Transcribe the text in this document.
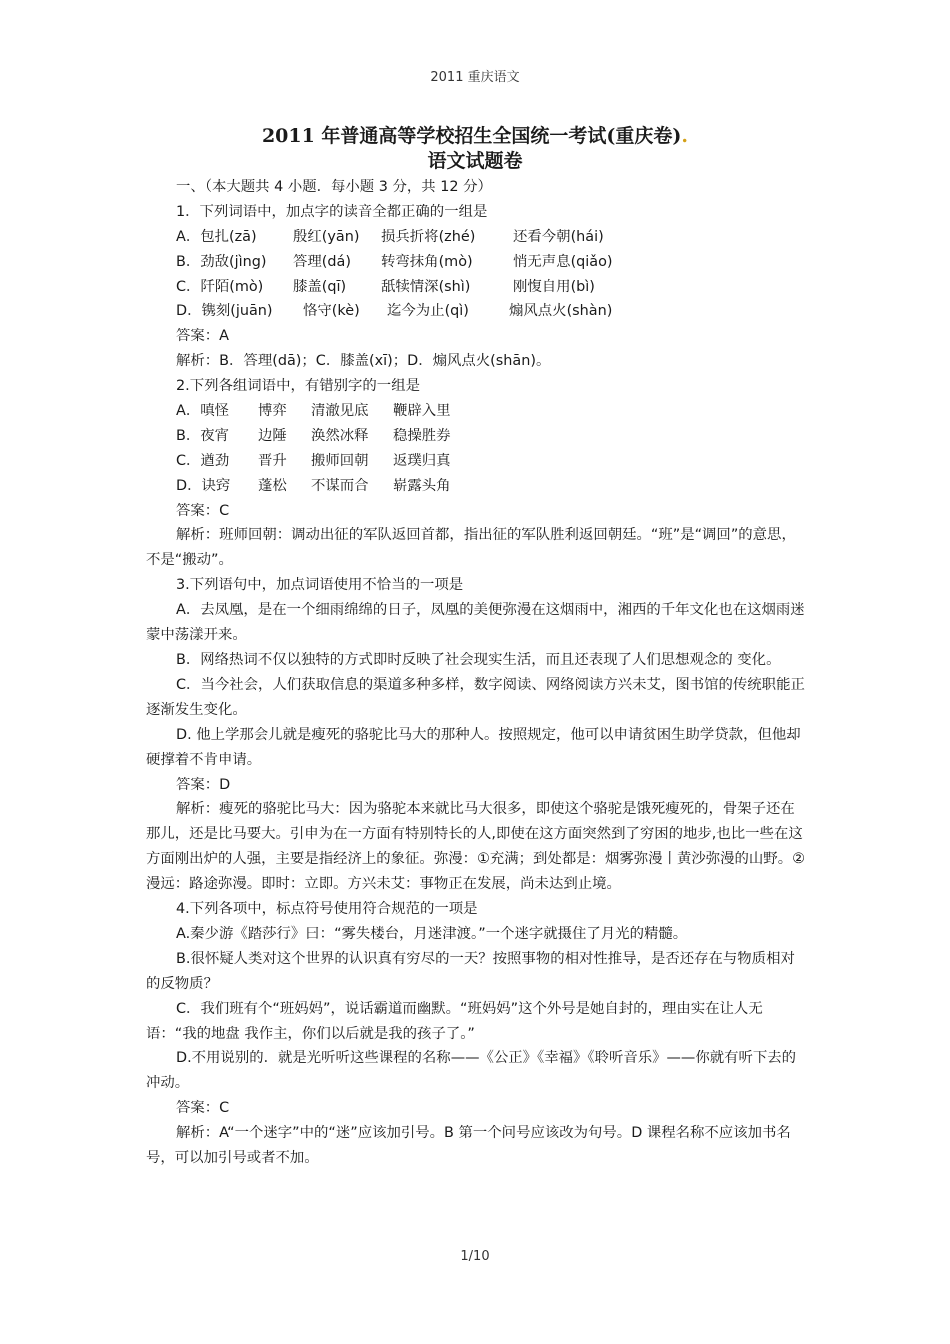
2011 重庆语文
2011 年普通高等学校招生全国统一考试(重庆卷).
语文试题卷
一、（本大题共 4 小题．每小题 3 分，共 12 分）
1．下列词语中，加点字的读音全都正确的一组是
A．包扎(zā)	殷红(yān) 损兵折将(zhé)	还看今朝(hái)
B．劲敌(jìng) 答理(dá) 转弯抹角(mò)	悄无声息(qiǎo)
C．阡陌(mò) 膝盖(qī) 舐犊情深(shì)	刚愎自用(bì)
D．镌刻(juān) 恪守(kè) 迄今为止(qì)	煽风点火(shàn)
答案：A
解析：B．答理(dā)；C．膝盖(xī)；D．煽风点火(shān)。
2.下列各组词语中，有错别字的一组是
A．嗔怪 博弈 清澈见底 鞭辟入里
B．夜宵 边陲 涣然冰释 稳操胜券
C．遒劲 晋升 搬师回朝 返璞归真
D．诀窍 蓬松 不谋而合 崭露头角
答案：C
解析：班师回朝：调动出征的军队返回首都，指出征的军队胜利返回朝廷。“班”是“调回”的意思，不是“搬动”。
3.下列语句中，加点词语使用不恰当的一项是
A．去凤凰，是在一个细雨绵绵的日子，凤凰的美便弥漫在这烟雨中，湘西的千年文化也在这烟雨迷蒙中荡漾开来。
B．网络热词不仅以独特的方式即时反映了社会现实生活，而且还表现了人们思想观念的 变化。
C．当今社会，人们获取信息的渠道多种多样，数字阅读、网络阅读方兴未艾，图书馆的传统职能正逐渐发生变化。
D. 他上学那会儿就是瘦死的骆驼比马大的那种人。按照规定，他可以申请贫困生助学贷款，但他却硬撑着不肯申请。
答案：D
解析：瘦死的骆驼比马大：因为骆驼本来就比马大很多，即使这个骆驼是饿死瘦死的，骨架子还在那儿，还是比马要大。引申为在一方面有特别特长的人,即使在这方面突然到了穷困的地步,也比一些在这方面刚出炉的人强，主要是指经济上的象征。弥漫：①充满；到处都是：烟雾弥漫丨黄沙弥漫的山野。②漫远：路途弥漫。即时：立即。方兴未艾：事物正在发展，尚未达到止境。
4.下列各项中，标点符号使用符合规范的一项是
A.秦少游《踏莎行》曰：“雾失楼台，月迷津渡。”一个迷字就摄住了月光的精髓。
B.很怀疑人类对这个世界的认识真有穷尽的一天？按照事物的相对性推导，是否还存在与物质相对的反物质？
C．我们班有个“班妈妈”，说话霸道而幽默。“班妈妈”这个外号是她自封的，理由实在让人无语：“我的地盘 我作主，你们以后就是我的孩子了。”
D.不用说别的．就是光听听这些课程的名称——《公正》《幸福》《聆听音乐》——你就有听下去的冲动。
答案：C
解析：A“一个迷字”中的“迷”应该加引号。B 第一个问号应该改为句号。D 课程名称不应该加书名号，可以加引号或者不加。
1/10
